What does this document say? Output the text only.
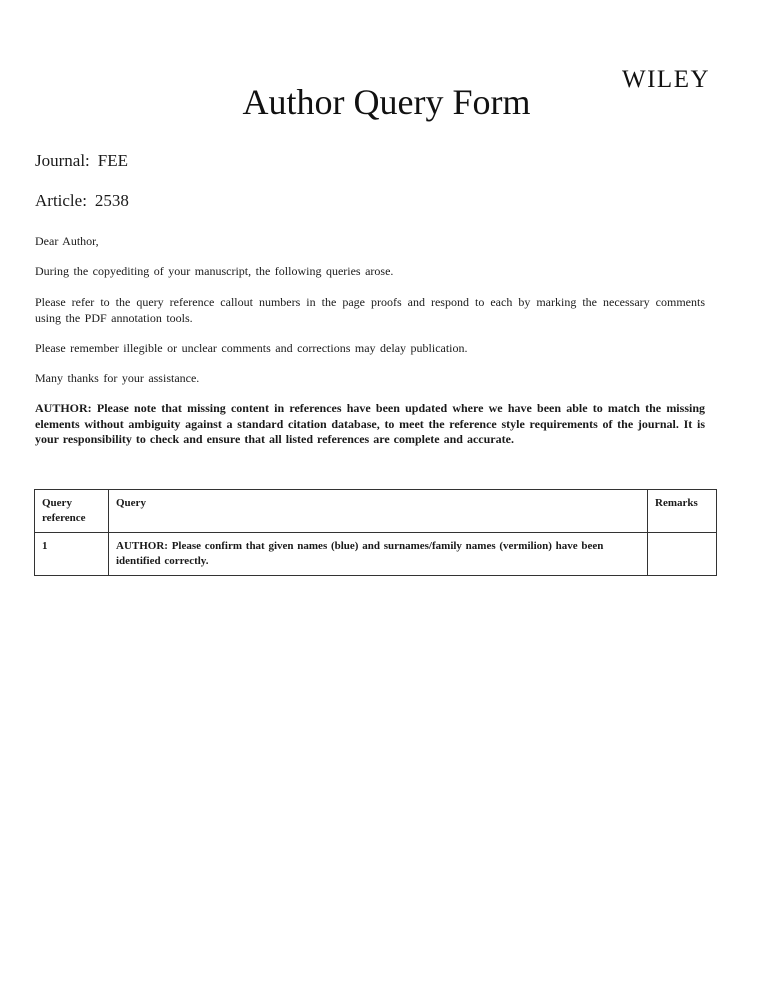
WILEY
Author Query Form
Journal: FEE
Article: 2538

Dear Author,

During the copyediting of your manuscript, the following queries arose.

Please refer to the query reference callout numbers in the page proofs and respond to each by marking the necessary comments using the PDF annotation tools.

Please remember illegible or unclear comments and corrections may delay publication.

Many thanks for your assistance.

AUTHOR: Please note that missing content in references have been updated where we have been able to match the missing elements without ambiguity against a standard citation database, to meet the reference style requirements of the journal. It is your responsibility to check and ensure that all listed references are complete and accurate.

Query reference	Query	Remarks
1	AUTHOR: Please confirm that given names (blue) and surnames/family names (vermilion) have been identified correctly.	
